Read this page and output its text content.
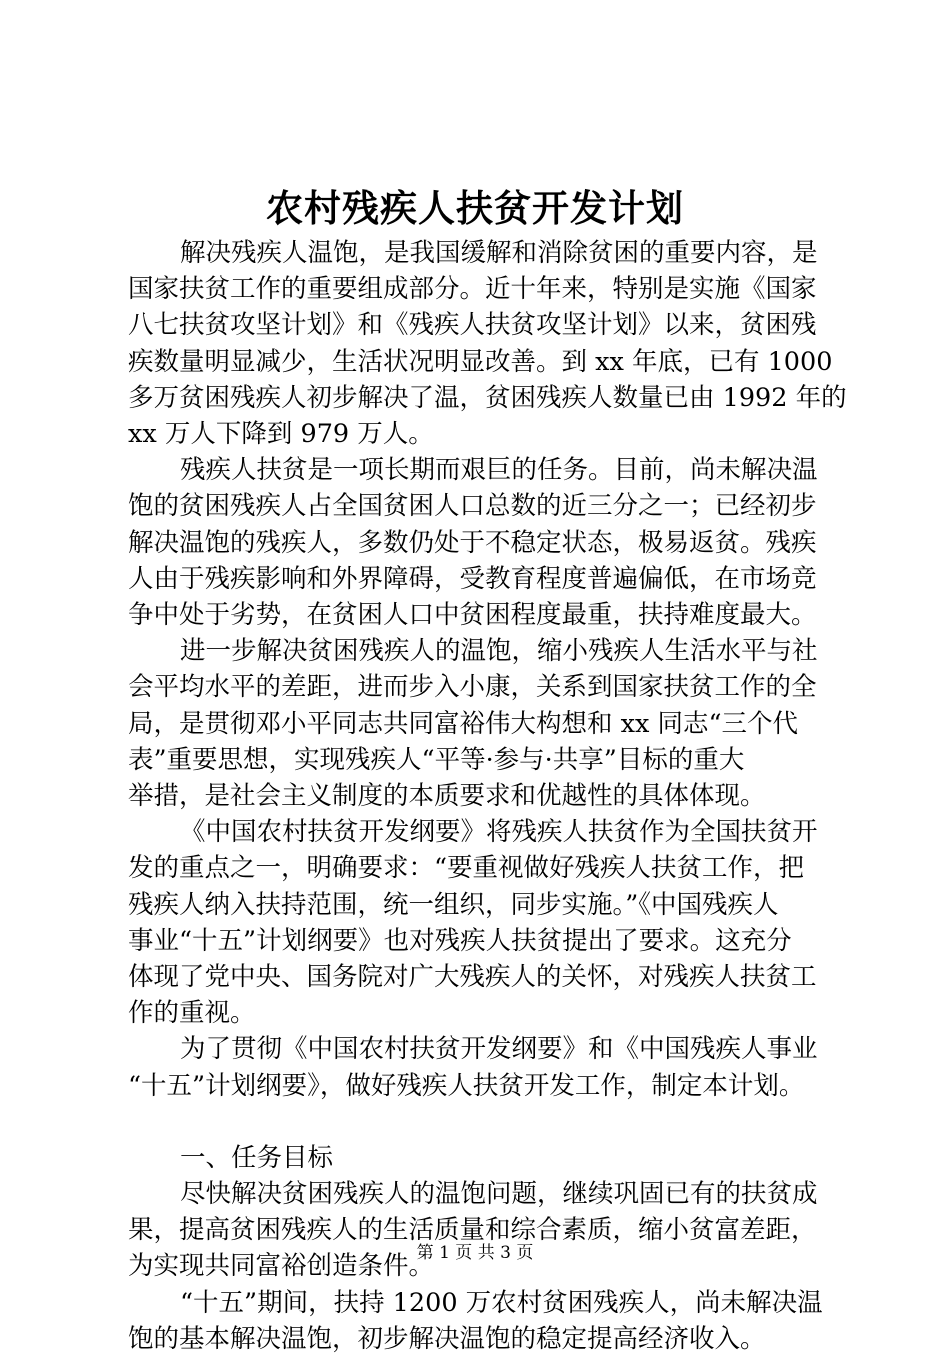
农村残疾人扶贫开发计划

解决残疾人温饱，是我国缓解和消除贫困的重要内容，是
国家扶贫工作的重要组成部分。近十年来，特别是实施《国家
八七扶贫攻坚计划》和《残疾人扶贫攻坚计划》以来，贫困残
疾数量明显减少，生活状况明显改善。到 xx 年底，已有 1000
多万贫困残疾人初步解决了温，贫困残疾人数量已由 1992 年的
xx 万人下降到 979 万人。

残疾人扶贫是一项长期而艰巨的任务。目前，尚未解决温
饱的贫困残疾人占全国贫困人口总数的近三分之一；已经初步
解决温饱的残疾人，多数仍处于不稳定状态，极易返贫。残疾
人由于残疾影响和外界障碍，受教育程度普遍偏低，在市场竞
争中处于劣势，在贫困人口中贫困程度最重，扶持难度最大。

进一步解决贫困残疾人的温饱，缩小残疾人生活水平与社
会平均水平的差距，进而步入小康，关系到国家扶贫工作的全
局，是贯彻邓小平同志共同富裕伟大构想和 xx 同志“三个代
表”重要思想，实现残疾人“平等·参与·共享”目标的重大
举措，是社会主义制度的本质要求和优越性的具体体现。

《中国农村扶贫开发纲要》将残疾人扶贫作为全国扶贫开
发的重点之一，明确要求：“要重视做好残疾人扶贫工作，把
残疾人纳入扶持范围，统一组织，同步实施。”《中国残疾人
事业“十五”计划纲要》也对残疾人扶贫提出了要求。这充分
体现了党中央、国务院对广大残疾人的关怀，对残疾人扶贫工
作的重视。

为了贯彻《中国农村扶贫开发纲要》和《中国残疾人事业
“十五”计划纲要》，做好残疾人扶贫开发工作，制定本计划。

一、任务目标

尽快解决贫困残疾人的温饱问题，继续巩固已有的扶贫成
果，提高贫困残疾人的生活质量和综合素质，缩小贫富差距，
为实现共同富裕创造条件。

“十五”期间，扶持 1200 万农村贫困残疾人，尚未解决温
饱的基本解决温饱，初步解决温饱的稳定提高经济收入。

第 1 页 共 3 页
